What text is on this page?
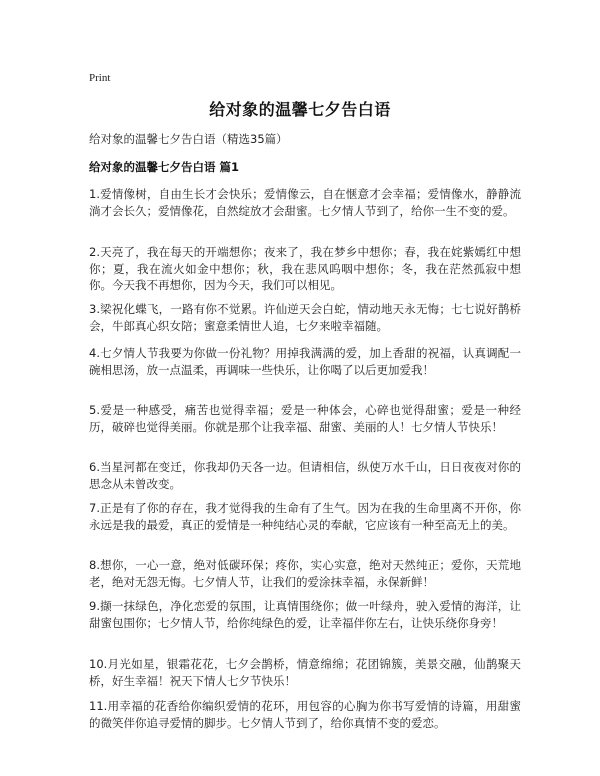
Print
给对象的温馨七夕告白语
给对象的温馨七夕告白语（精选35篇）
给对象的温馨七夕告白语 篇1

1.爱情像树，自由生长才会快乐；爱情像云，自在惬意才会幸福；爱情像水，静静流淌才会长久；爱情像花，自然绽放才会甜蜜。七夕情人节到了，给你一生不变的爱。

2.天亮了，我在每天的开端想你；夜来了，我在梦乡中想你；春，我在姹紫嫣红中想你；夏，我在流火如金中想你；秋，我在悲风呜咽中想你；冬，我在茫然孤寂中想你。今天我不再想你，因为今天，我们可以相见。

3.梁祝化蝶飞，一路有你不觉累。许仙逆天会白蛇，情动地天永无悔；七七说好鹊桥会，牛郎真心织女陪；蜜意柔情世人追，七夕来啦幸福随。

4.七夕情人节我要为你做一份礼物？用掉我满满的爱，加上香甜的祝福，认真调配一碗相思汤，放一点温柔，再调味一些快乐，让你喝了以后更加爱我！

5.爱是一种感受，痛苦也觉得幸福；爱是一种体会，心碎也觉得甜蜜；爱是一种经历，破碎也觉得美丽。你就是那个让我幸福、甜蜜、美丽的人！七夕情人节快乐！

6.当星河都在变迁，你我却仍天各一边。但请相信，纵使万水千山，日日夜夜对你的思念从未曾改变。

7.正是有了你的存在，我才觉得我的生命有了生气。因为在我的生命里离不开你，你永远是我的最爱，真正的爱情是一种纯结心灵的奉献，它应该有一种至高无上的美。

8.想你，一心一意，绝对低碳环保；疼你，实心实意，绝对天然纯正；爱你，天荒地老，绝对无怨无悔。七夕情人节，让我们的爱涂抹幸福，永保新鲜！

9.撷一抹绿色，净化恋爱的氛围，让真情围绕你；做一叶绿舟，驶入爱情的海洋，让甜蜜包围你；七夕情人节，给你纯绿色的爱，让幸福伴你左右，让快乐绕你身旁！

10.月光如星，银霜花花，七夕会鹊桥，情意绵绵；花团锦簇，美景交融，仙鹊聚天桥，好生幸福！祝天下情人七夕节快乐！

11.用幸福的花香给你编织爱情的花环，用包容的心胸为你书写爱情的诗篇，用甜蜜的微笑伴你追寻爱情的脚步。七夕情人节到了，给你真情不变的爱恋。
